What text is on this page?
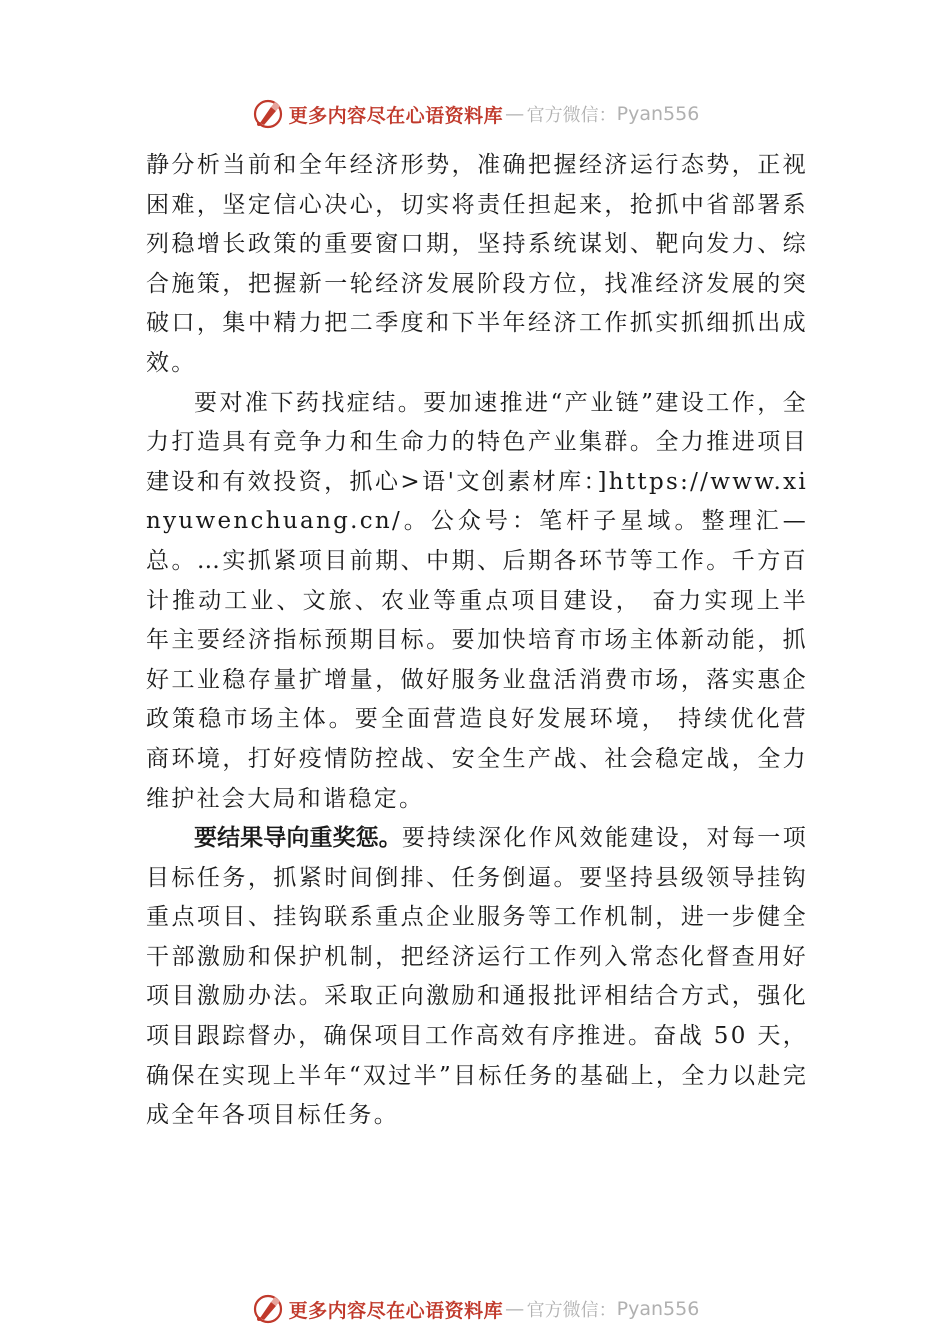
更多内容尽在心语资料库 — 官方微信： Pyan556

静分析当前和全年经济形势，准确把握经济运行态势，正视困难，坚定信心决心，切实将责任担起来，抢抓中省部署系列稳增长政策的重要窗口期，坚持系统谋划、靶向发力、综合施策，把握新一轮经济发展阶段方位，找准经济发展的突破口，集中精力把二季度和下半年经济工作抓实抓细抓出成效。

要对准下药找症结。要加速推进“产业链”建设工作，全力打造具有竞争力和生命力的特色产业集群。全力推进项目建设和有效投资，抓心>语'文创素材库：]https://www.xinyuwenchuang.cn/。公众号：笔杆子星域。整理汇—总。…实抓紧项目前期、中期、后期各环节等工作。千方百计推动工业、文旅、农业等重点项目建设， 奋力实现上半年主要经济指标预期目标。要加快培育市场主体新动能，抓好工业稳存量扩增量，做好服务业盘活消费市场，落实惠企政策稳市场主体。要全面营造良好发展环境， 持续优化营商环境，打好疫情防控战、安全生产战、社会稳定战，全力维护社会大局和谐稳定。

要结果导向重奖惩。要持续深化作风效能建设，对每一项目标任务，抓紧时间倒排、任务倒逼。要坚持县级领导挂钩重点项目、挂钩联系重点企业服务等工作机制，进一步健全干部激励和保护机制，把经济运行工作列入常态化督查用好项目激励办法。采取正向激励和通报批评相结合方式，强化项目跟踪督办，确保项目工作高效有序推进。奋战 50 天，确保在实现上半年“双过半”目标任务的基础上，全力以赴完成全年各项目标任务。

更多内容尽在心语资料库 — 官方微信： Pyan556
